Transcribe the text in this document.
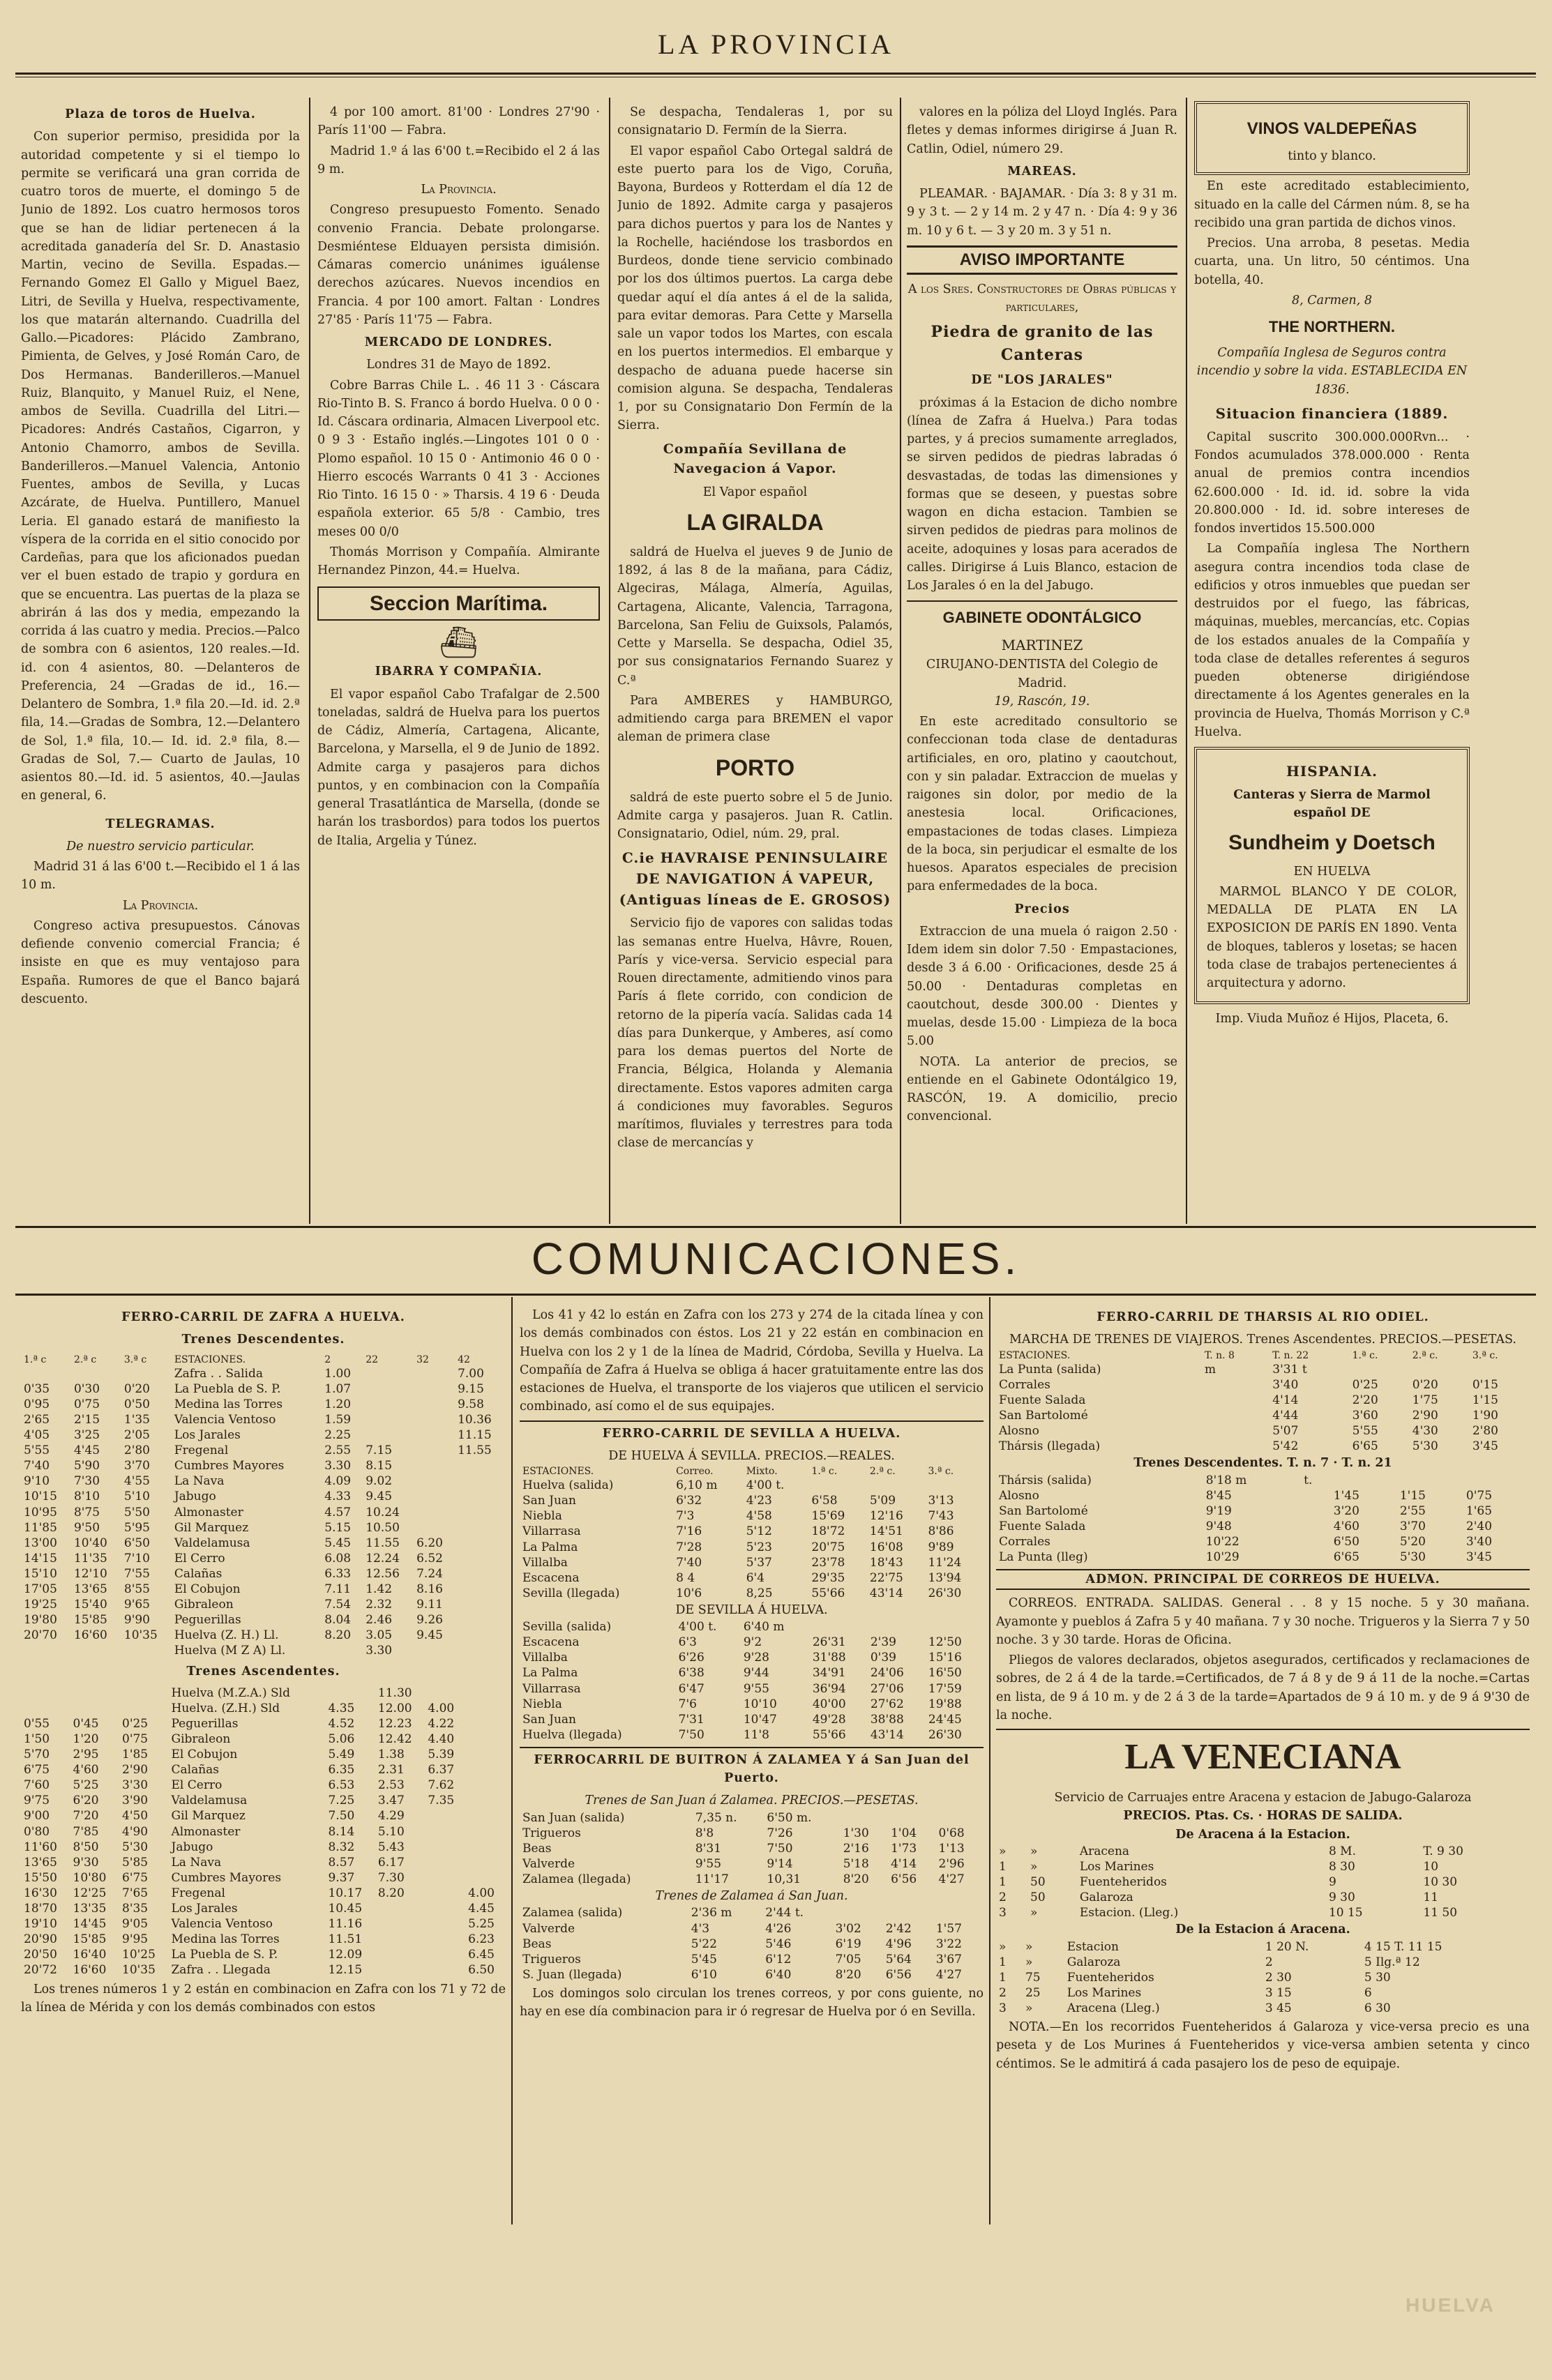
LA PROVINCIA
Plaza de toros de Huelva.

Con superior permiso, presidida por la autoridad competente y si el tiempo lo permite se verificará una gran corrida de cuatro toros de muerte, el domingo 5 de Junio de 1892. Los cuatro hermosos toros que se han de lidiar pertenecen á la acreditada ganadería del Sr. D. Anastasio Martin, vecino de Sevilla. Espadas.—Fernando Gomez El Gallo y Miguel Baez, Litri, de Sevilla y Huelva, respectivamente, los que matarán alternando. Cuadrilla del Gallo.—Picadores: Plácido Zambrano, Pimienta, de Gelves, y José Román Caro, de Dos Hermanas. Banderilleros.—Manuel Ruiz, Blanquito, y Manuel Ruiz, el Nene, ambos de Sevilla. Cuadrilla del Litri.—Picadores: Andrés Castaños, Cigarron, y Antonio Chamorro, ambos de Sevilla. Banderilleros.—Manuel Valencia, Antonio Fuentes, ambos de Sevilla, y Lucas Azcárate, de Huelva. Puntillero, Manuel Leria. El ganado estará de manifiesto la víspera de la corrida en el sitio conocido por Cardeñas, para que los aficionados puedan ver el buen estado de trapio y gordura en que se encuentra. Las puertas de la plaza se abrirán á las dos y media, empezando la corrida á las cuatro y media. Precios.—Palco de sombra con 6 asientos, 120 reales.—Id. id. con 4 asientos, 80. —Delanteros de Preferencia, 24 —Gradas de id., 16.—Delantero de Sombra, 1.ª fila 20.—Id. id. 2.ª fila, 14.—Gradas de Sombra, 12.—Delantero de Sol, 1.ª fila, 10.— Id. id. 2.ª fila, 8.—Gradas de Sol, 7.— Cuarto de Jaulas, 10 asientos 80.—Id. id. 5 asientos, 40.—Jaulas en general, 6.

TELEGRAMAS.
De nuestro servicio particular.

Madrid 31 á las 6'00 t.—Recibido el 1 á las 10 m.

La Provincia.

Congreso activa presupuestos. Cánovas defiende convenio comercial Francia; é insiste en que es muy ventajoso para España. Rumores de que el Banco bajará descuento.

4 por 100 amort. 81'00 · Londres 27'90 · París 11'00 — Fabra.

Madrid 1.º á las 6'00 t.=Recibido el 2 á las 9 m.

La Provincia.

Congreso presupuesto Fomento. Senado convenio Francia. Debate prolongarse. Desmiéntese Elduayen persista dimisión. Cámaras comercio unánimes iguálense derechos azúcares. Nuevos incendios en Francia. 4 por 100 amort. Faltan · Londres 27'85 · París 11'75 — Fabra.

MERCADO DE LONDRES.
Londres 31 de Mayo de 1892.

Cobre Barras Chile L. . 46 11 3 · Cáscara Rio-Tinto B. S. Franco á bordo Huelva. 0 0 0 · Id. Cáscara ordinaria, Almacen Liverpool etc. 0 9 3 · Estaño inglés.—Lingotes 101 0 0 · Plomo español. 10 15 0 · Antimonio 46 0 0 · Hierro escocés Warrants 0 41 3 · Acciones Rio Tinto. 16 15 0 · » Tharsis. 4 19 6 · Deuda española exterior. 65 5/8 · Cambio, tres meses 00 0/0

Thomás Morrison y Compañía. Almirante Hernandez Pinzon, 44.= Huelva.

Seccion Marítima.
⛴
IBARRA Y COMPAÑIA.

El vapor español Cabo Trafalgar de 2.500 toneladas, saldrá de Huelva para los puertos de Cádiz, Almería, Cartagena, Alicante, Barcelona, y Marsella, el 9 de Junio de 1892. Admite carga y pasajeros para dichos puntos, y en combinacion con la Compañía general Trasatlántica de Marsella, (donde se harán los trasbordos) para todos los puertos de Italia, Argelia y Túnez.

Se despacha, Tendaleras 1, por su consignatario D. Fermín de la Sierra.

El vapor español Cabo Ortegal saldrá de este puerto para los de Vigo, Coruña, Bayona, Burdeos y Rotterdam el día 12 de Junio de 1892. Admite carga y pasajeros para dichos puertos y para los de Nantes y la Rochelle, haciéndose los trasbordos en Burdeos, donde tiene servicio combinado por los dos últimos puertos. La carga debe quedar aquí el día antes á el de la salida, para evitar demoras. Para Cette y Marsella sale un vapor todos los Martes, con escala en los puertos intermedios. El embarque y despacho de aduana puede hacerse sin comision alguna. Se despacha, Tendaleras 1, por su Consignatario Don Fermín de la Sierra.

Compañía Sevillana de Navegacion á Vapor.
El Vapor español
LA GIRALDA

saldrá de Huelva el jueves 9 de Junio de 1892, á las 8 de la mañana, para Cádiz, Algeciras, Málaga, Almería, Aguilas, Cartagena, Alicante, Valencia, Tarragona, Barcelona, San Feliu de Guixsols, Palamós, Cette y Marsella. Se despacha, Odiel 35, por sus consignatarios Fernando Suarez y C.ª

Para AMBERES y HAMBURGO, admitiendo carga para BREMEN el vapor aleman de primera clase

PORTO

saldrá de este puerto sobre el 5 de Junio. Admite carga y pasajeros. Juan R. Catlin. Consignatario, Odiel, núm. 29, pral.

C.ie HAVRAISE PENINSULAIRE DE NAVIGATION Á VAPEUR, (Antiguas líneas de E. GROSOS)

Servicio fijo de vapores con salidas todas las semanas entre Huelva, Hâvre, Rouen, París y vice-versa. Servicio especial para Rouen directamente, admitiendo vinos para París á flete corrido, con condicion de retorno de la pipería vacía. Salidas cada 14 días para Dunkerque, y Amberes, así como para los demas puertos del Norte de Francia, Bélgica, Holanda y Alemania directamente. Estos vapores admiten carga á condiciones muy favorables. Seguros marítimos, fluviales y terrestres para toda clase de mercancías y

valores en la póliza del Lloyd Inglés. Para fletes y demas informes dirigirse á Juan R. Catlin, Odiel, número 29.

MAREAS.

PLEAMAR. · BAJAMAR. · Día 3: 8 y 31 m. 9 y 3 t. — 2 y 14 m. 2 y 47 n. · Día 4: 9 y 36 m. 10 y 6 t. — 3 y 20 m. 3 y 51 n.

AVISO IMPORTANTE
A los Sres. Constructores de Obras públicas y particulares,
Piedra de granito de las Canteras
DE "LOS JARALES"

próximas á la Estacion de dicho nombre (línea de Zafra á Huelva.) Para todas partes, y á precios sumamente arreglados, se sirven pedidos de piedras labradas ó desvastadas, de todas las dimensiones y formas que se deseen, y puestas sobre wagon en dicha estacion. Tambien se sirven pedidos de piedras para molinos de aceite, adoquines y losas para acerados de calles. Dirigirse á Luis Blanco, estacion de Los Jarales ó en la del Jabugo.

GABINETE ODONTÁLGICO
MARTINEZ
CIRUJANO-DENTISTA del Colegio de Madrid.
19, Rascón, 19.

En este acreditado consultorio se confeccionan toda clase de dentaduras artificiales, en oro, platino y caoutchout, con y sin paladar. Extraccion de muelas y raigones sin dolor, por medio de la anestesia local. Orificaciones, empastaciones de todas clases. Limpieza de la boca, sin perjudicar el esmalte de los huesos. Aparatos especiales de precision para enfermedades de la boca.

Precios

Extraccion de una muela ó raigon 2.50 · Idem idem sin dolor 7.50 · Empastaciones, desde 3 á 6.00 · Orificaciones, desde 25 á 50.00 · Dentaduras completas en caoutchout, desde 300.00 · Dientes y muelas, desde 15.00 · Limpieza de la boca 5.00

NOTA. La anterior de precios, se entiende en el Gabinete Odontálgico 19, RASCÓN, 19. A domicilio, precio convencional.

VINOS VALDEPEÑAS
tinto y blanco.

En este acreditado establecimiento, situado en la calle del Cármen núm. 8, se ha recibido una gran partida de dichos vinos.

Precios. Una arroba, 8 pesetas. Media cuarta, una. Un litro, 50 céntimos. Una botella, 40.

8, Carmen, 8
THE NORTHERN.
Compañía Inglesa de Seguros contra incendio y sobre la vida. ESTABLECIDA EN 1836.
Situacion financiera (1889.

Capital suscrito 300.000.000Rvn... · Fondos acumulados 378.000.000 · Renta anual de premios contra incendios 62.600.000 · Id. id. id. sobre la vida 20.800.000 · Id. id. sobre intereses de fondos invertidos 15.500.000

La Compañía inglesa The Northern asegura contra incendios toda clase de edificios y otros inmuebles que puedan ser destruidos por el fuego, las fábricas, máquinas, muebles, mercancías, etc. Copias de los estados anuales de la Compañía y toda clase de detalles referentes á seguros pueden obtenerse dirigiéndose directamente á los Agentes generales en la provincia de Huelva, Thomás Morrison y C.ª Huelva.

HISPANIA.
Canteras y Sierra de Marmol español DE
Sundheim y Doetsch
EN HUELVA

MARMOL BLANCO Y DE COLOR, MEDALLA DE PLATA EN LA EXPOSICION DE PARÍS EN 1890. Venta de bloques, tableros y losetas; se hacen toda clase de trabajos pertenecientes á arquitectura y adorno.

Imp. Viuda Muñoz é Hijos, Placeta, 6.
COMUNICACIONES.
FERRO-CARRIL DE ZAFRA A HUELVA.
Trenes Descendentes.
1.ª c	2.ª c	3.ª c	ESTACIONES.	2	22	32	42
			Zafra . . Salida	1.00			7.00
0'35	0'30	0'20	La Puebla de S. P.	1.07			9.15
0'95	0'75	0'50	Medina las Torres	1.20			9.58
2'65	2'15	1'35	Valencia Ventoso	1.59			10.36
4'05	3'25	2'05	Los Jarales	2.25			11.15
5'55	4'45	2'80	Fregenal	2.55	7.15		11.55
7'40	5'90	3'70	Cumbres Mayores	3.30	8.15		
9'10	7'30	4'55	La Nava	4.09	9.02		
10'15	8'10	5'10	Jabugo	4.33	9.45		
10'95	8'75	5'50	Almonaster	4.57	10.24		
11'85	9'50	5'95	Gil Marquez	5.15	10.50		
13'00	10'40	6'50	Valdelamusa	5.45	11.55	6.20	
14'15	11'35	7'10	El Cerro	6.08	12.24	6.52	
15'10	12'10	7'55	Calañas	6.33	12.56	7.24	
17'05	13'65	8'55	El Cobujon	7.11	1.42	8.16	
19'25	15'40	9'65	Gibraleon	7.54	2.32	9.11	
19'80	15'85	9'90	Peguerillas	8.04	2.46	9.26	
20'70	16'60	10'35	Huelva (Z. H.) Ll.	8.20	3.05	9.45	
			Huelva (M Z A) Ll.		3.30		
Trenes Ascendentes.
			Huelva (M.Z.A.) Sld		11.30		
			Huelva. (Z.H.) Sld	4.35	12.00	4.00	
0'55	0'45	0'25	Peguerillas	4.52	12.23	4.22	
1'50	1'20	0'75	Gibraleon	5.06	12.42	4.40	
5'70	2'95	1'85	El Cobujon	5.49	1.38	5.39	
6'75	4'60	2'90	Calañas	6.35	2.31	6.37	
7'60	5'25	3'30	El Cerro	6.53	2.53	7.62	
9'75	6'20	3'90	Valdelamusa	7.25	3.47	7.35	
9'00	7'20	4'50	Gil Marquez	7.50	4.29		
0'80	7'85	4'90	Almonaster	8.14	5.10		
11'60	8'50	5'30	Jabugo	8.32	5.43		
13'65	9'30	5'85	La Nava	8.57	6.17		
15'50	10'80	6'75	Cumbres Mayores	9.37	7.30		
16'30	12'25	7'65	Fregenal	10.17	8.20		4.00
18'70	13'35	8'35	Los Jarales	10.45			4.45
19'10	14'45	9'05	Valencia Ventoso	11.16			5.25
20'90	15'85	9'95	Medina las Torres	11.51			6.23
20'50	16'40	10'25	La Puebla de S. P.	12.09			6.45
20'72	16'60	10'35	Zafra . . Llegada	12.15			6.50

Los trenes números 1 y 2 están en combinacion en Zafra con los 71 y 72 de la línea de Mérida y con los demás combinados con estos

Los 41 y 42 lo están en Zafra con los 273 y 274 de la citada línea y con los demás combinados con éstos. Los 21 y 22 están en combinacion en Huelva con los 2 y 1 de la línea de Madrid, Córdoba, Sevilla y Huelva. La Compañía de Zafra á Huelva se obliga á hacer gratuitamente entre las dos estaciones de Huelva, el transporte de los viajeros que utilicen el servicio combinado, así como el de sus equipajes.

FERRO-CARRIL DE SEVILLA A HUELVA.
DE HUELVA Á SEVILLA. PRECIOS.—REALES.
ESTACIONES.	Correo.	Mixto.	1.ª c.	2.ª c.	3.ª c.
Huelva (salida)	6,10 m	4'00 t.			
San Juan	6'32	4'23	6'58	5'09	3'13
Niebla	7'3	4'58	15'69	12'16	7'43
Villarrasa	7'16	5'12	18'72	14'51	8'86
La Palma	7'28	5'23	20'75	16'08	9'89
Villalba	7'40	5'37	23'78	18'43	11'24
Escacena	8 4	6'4	29'35	22'75	13'94
Sevilla (llegada)	10'6	8,25	55'66	43'14	26'30
DE SEVILLA Á HUELVA.
Sevilla (salida)	4'00 t.	6'40 m			
Escacena	6'3	9'2	26'31	2'39	12'50
Villalba	6'26	9'28	31'88	0'39	15'16
La Palma	6'38	9'44	34'91	24'06	16'50
Villarrasa	6'47	9'55	36'94	27'06	17'59
Niebla	7'6	10'10	40'00	27'62	19'88
San Juan	7'31	10'47	49'28	38'88	24'45
Huelva (llegada)	7'50	11'8	55'66	43'14	26'30
FERROCARRIL DE BUITRON Á ZALAMEA Y á San Juan del Puerto.
Trenes de San Juan á Zalamea. PRECIOS.—PESETAS.
San Juan (salida)	7,35 n.	6'50 m.			
Trigueros	8'8	7'26	1'30	1'04	0'68
Beas	8'31	7'50	2'16	1'73	1'13
Valverde	9'55	9'14	5'18	4'14	2'96
Zalamea (llegada)	11'17	10,31	8'20	6'56	4'27
Trenes de Zalamea á San Juan.
Zalamea (salida)	2'36 m	2'44 t.			
Valverde	4'3	4'26	3'02	2'42	1'57
Beas	5'22	5'46	6'19	4'96	3'22
Trigueros	5'45	6'12	7'05	5'64	3'67
S. Juan (llegada)	6'10	6'40	8'20	6'56	4'27

Los domingos solo circulan los trenes correos, y por cons guiente, no hay en ese día combinacion para ir ó regresar de Huelva por ó en Sevilla.

FERRO-CARRIL DE THARSIS AL RIO ODIEL.
MARCHA DE TRENES DE VIAJEROS. Trenes Ascendentes. PRECIOS.—PESETAS.
ESTACIONES.	T. n. 8	T. n. 22	1.ª c.	2.ª c.	3.ª c.
La Punta (salida)	m	3'31 t			
Corrales		3'40	0'25	0'20	0'15
Fuente Salada		4'14	2'20	1'75	1'15
San Bartolomé		4'44	3'60	2'90	1'90
Alosno		5'07	5'55	4'30	2'80
Thársis (llegada)		5'42	6'65	5'30	3'45
Trenes Descendentes. T. n. 7 · T. n. 21
Thársis (salida)	8'18 m	t.			
Alosno	8'45		1'45	1'15	0'75
San Bartolomé	9'19		3'20	2'55	1'65
Fuente Salada	9'48		4'60	3'70	2'40
Corrales	10'22		6'50	5'20	3'40
La Punta (lleg)	10'29		6'65	5'30	3'45
ADMON. PRINCIPAL DE CORREOS DE HUELVA.

CORREOS. ENTRADA. SALIDAS. General . . 8 y 15 noche. 5 y 30 mañana. Ayamonte y pueblos á Zafra 5 y 40 mañana. 7 y 30 noche. Trigueros y la Sierra 7 y 50 noche. 3 y 30 tarde. Horas de Oficina.

Pliegos de valores declarados, objetos asegurados, certificados y reclamaciones de sobres, de 2 á 4 de la tarde.=Certificados, de 7 á 8 y de 9 á 11 de la noche.=Cartas en lista, de 9 á 10 m. y de 2 á 3 de la tarde=Apartados de 9 á 10 m. y de 9 á 9'30 de la noche.

LA VENECIANA
Servicio de Carruajes entre Aracena y estacion de Jabugo-Galaroza
PRECIOS. Ptas. Cs. · HORAS DE SALIDA.
De Aracena á la Estacion.
»	»	Aracena	8 M.	T. 9 30
1	»	Los Marines	8 30	10
1	50	Fuenteheridos	9	10 30
2	50	Galaroza	9 30	11
3	»	Estacion. (Lleg.)	10 15	11 50
De la Estacion á Aracena.
»	»	Estacion	1 20 N.	4 15 T. 11 15
1	»	Galaroza	2	5 Ilg.ª 12
1	75	Fuenteheridos	2 30	5 30
2	25	Los Marines	3 15	6
3	»	Aracena (Lleg.)	3 45	6 30

NOTA.—En los recorridos Fuenteheridos á Galaroza y vice-versa precio es una peseta y de Los Murines á Fuenteheridos y vice-versa ambien setenta y cinco céntimos. Se le admitirá á cada pasajero los de peso de equipaje.

HUELVA
